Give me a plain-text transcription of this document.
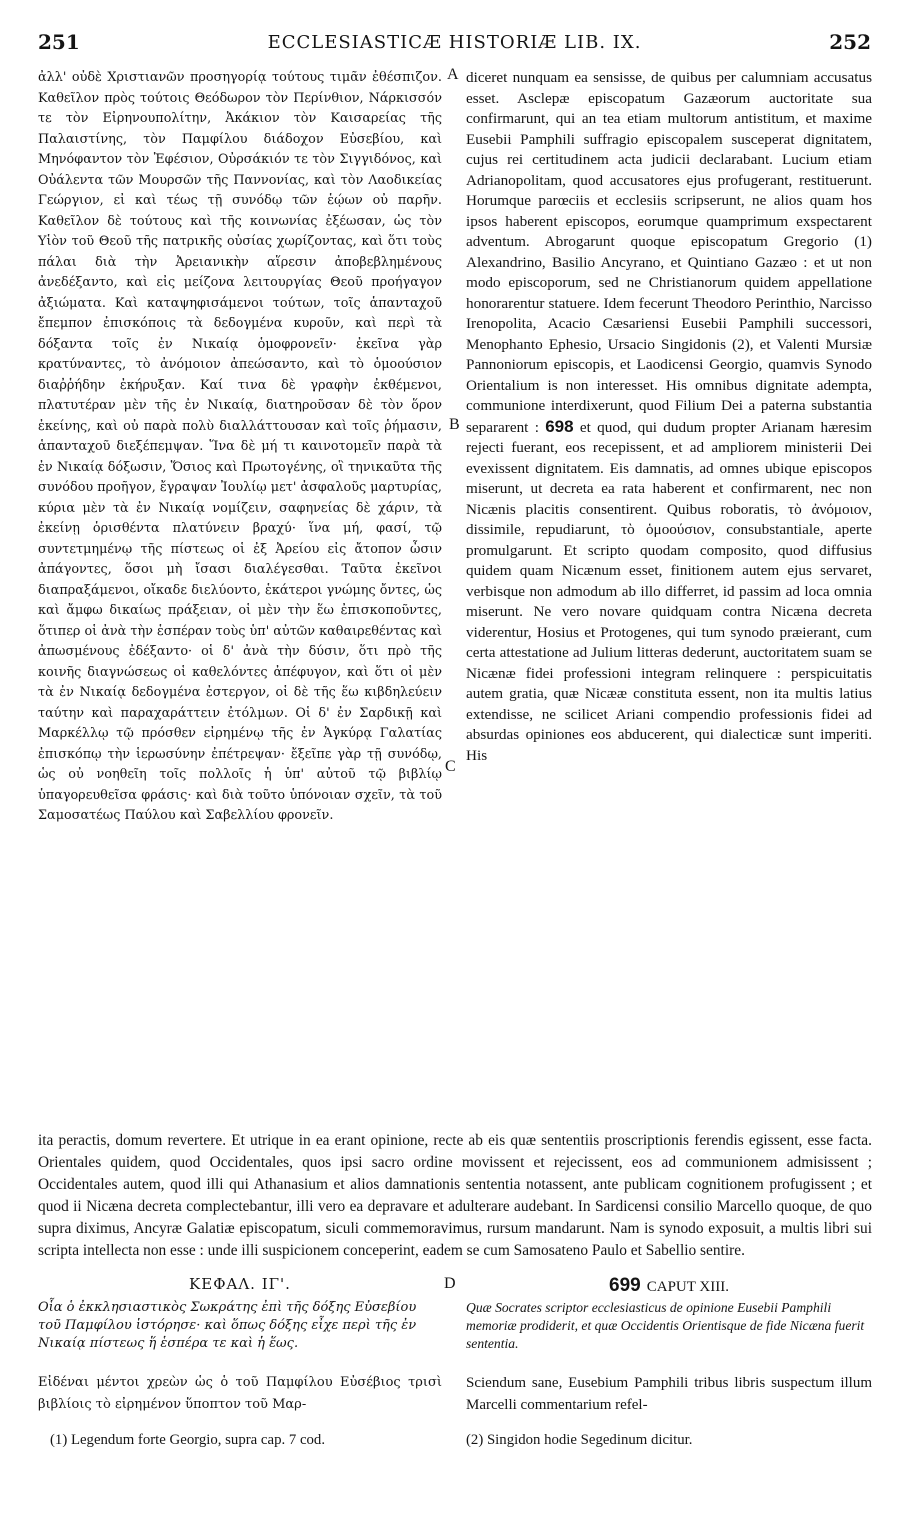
251	ECCLESIASTICÆ HISTORIÆ LIB. IX.	252

ἀλλ' οὐδὲ Χριστιανῶν προσηγορίᾳ τούτους τιμᾶν ἐθέσπιζον. Καθεῖλον πρὸς τούτοις Θεόδωρον τὸν Περίνθιον, Νάρκισσόν τε τὸν Εἰρηνουπολίτην, Ἀκάκιον τὸν Καισαρείας τῆς Παλαιστίνης, τὸν Παμφίλου διάδοχον Εὐσεβίου, καὶ Μηνόφαντον τὸν Ἐφέσιον, Οὐρσάκιόν τε τὸν Σιγγιδόνος, καὶ Οὐάλεντα τῶν Μουρσῶν τῆς Παννονίας, καὶ τὸν Λαοδικείας Γεώργιον, εἰ καὶ τέως τῇ συνόδῳ τῶν ἑῴων οὐ παρῆν. Καθεῖλον δὲ τούτους καὶ τῆς κοινωνίας ἐξέωσαν, ὡς τὸν Υἱὸν τοῦ Θεοῦ τῆς πατρικῆς οὐσίας χωρίζοντας, καὶ ὅτι τοὺς πάλαι διὰ τὴν Ἀρειανικὴν αἵρεσιν ἀποβεβλημένους ἀνεδέξαντο, καὶ εἰς μείζονα λειτουργίας Θεοῦ προήγαγον ἀξιώματα. Καὶ καταψηφισάμενοι τούτων, τοῖς ἁπανταχοῦ ἔπεμπον ἐπισκόποις τὰ δεδογμένα κυροῦν, καὶ περὶ τὰ δόξαντα τοῖς ἐν Νικαίᾳ ὁμοφρονεῖν· ἐκεῖνα γὰρ κρατύναντες, τὸ ἀνόμοιον ἀπεώσαντο, καὶ τὸ ὁμοούσιον διαῤῥήδην ἐκήρυξαν. Καί τινα δὲ γραφὴν ἐκθέμενοι, πλατυτέραν μὲν τῆς ἐν Νικαίᾳ, διατηροῦσαν δὲ τὸν ὅρον ἐκείνης, καὶ οὐ παρὰ πολὺ διαλλάττουσαν καὶ τοῖς ῥήμασιν, ἁπανταχοῦ διεξέπεμψαν. Ἵνα δὲ μή τι καινοτομεῖν παρὰ τὰ ἐν Νικαίᾳ δόξωσιν, Ὅσιος καὶ Πρωτογένης, οἳ τηνικαῦτα τῆς συνόδου προῆγον, ἔγραψαν Ἰουλίῳ μετ' ἀσφαλοῦς μαρτυρίας, κύρια μὲν τὰ ἐν Νικαίᾳ νομίζειν, σαφηνείας δὲ χάριν, τὰ ἐκείνῃ ὁρισθέντα πλατύνειν βραχύ· ἵνα μή, φασί, τῷ συντετμημένῳ τῆς πίστεως οἱ ἐξ Ἀρείου εἰς ἄτοπον ὦσιν ἀπάγοντες, ὅσοι μὴ ἴσασι διαλέγεσθαι. Ταῦτα ἐκεῖνοι διαπραξάμενοι, οἴκαδε διελύοντο, ἑκάτεροι γνώμης ὄντες, ὡς καὶ ἄμφω δικαίως πράξειαν, οἱ μὲν τὴν ἕω ἐπισκοποῦντες, ὅτιπερ οἱ ἀνὰ τὴν ἑσπέραν τοὺς ὑπ' αὐτῶν καθαιρεθέντας καὶ ἀπωσμένους ἐδέξαντο· οἱ δ' ἀνὰ τὴν δύσιν, ὅτι πρὸ τῆς κοινῆς διαγνώσεως οἱ καθελόντες ἀπέφυγον, καὶ ὅτι οἱ μὲν τὰ ἐν Νικαίᾳ δεδογμένα ἐστεργον, οἱ δὲ τῆς ἕω κιβδηλεύειν ταύτην καὶ παραχαράττειν ἐτόλμων. Οἱ δ' ἐν Σαρδικῇ καὶ Μαρκέλλῳ τῷ πρόσθεν εἰρημένῳ τῆς ἐν Ἀγκύρᾳ Γαλατίας ἐπισκόπῳ τὴν ἱερωσύνην ἐπέτρεψαν· ἔξεῖπε γὰρ τῇ συνόδῳ, ὡς οὐ νοηθεῖη τοῖς πολλοῖς ἡ ὑπ' αὐτοῦ τῷ βιβλίῳ ὑπαγορευθεῖσα φράσις· καὶ διὰ τοῦτο ὑπόνοιαν σχεῖν, τὰ τοῦ Σαμοσατέως Παύλου καὶ Σαβελλίου φρονεῖν.

A
B
C

diceret nunquam ea sensisse, de quibus per calumniam accusatus esset. Asclepæ episcopatum Gazæorum auctoritate sua confirmarunt, qui an tea etiam multorum antistitum, et maxime Eusebii Pamphili suffragio episcopalem susceperat dignitatem, cujus rei certitudinem acta judicii declarabant. Lucium etiam Adrianopolitam, quod accusatores ejus profugerant, restituerunt. Horumque parœciis et ecclesiis scripserunt, ne alios quam hos ipsos haberent episcopos, eorumque quamprimum exspectarent adventum. Abrogarunt quoque episcopatum Gregorio (1) Alexandrino, Basilio Ancyrano, et Quintiano Gazæo : et ut non modo episcoporum, sed ne Christianorum quidem appellatione honorarentur statuere. Idem fecerunt Theodoro Perinthio, Narcisso Irenopolita, Acacio Cæsariensi Eusebii Pamphili successori, Menophanto Ephesio, Ursacio Singidonis (2), et Valenti Mursiæ Pannoniorum episcopis, et Laodicensi Georgio, quamvis Synodo Orientalium is non interesset. His omnibus dignitate adempta, communione interdixerunt, quod Filium Dei a paterna substantia separarent : 698 et quod, qui dudum propter Arianam hæresim rejecti fuerant, eos recepissent, et ad ampliorem ministerii Dei evexissent dignitatem. Eis damnatis, ad omnes ubique episcopos miserunt, ut decreta ea rata haberent et confirmarent, nec non Nicænis placitis consentirent. Quibus roboratis, τὸ ἀνόμοιον, dissimile, repudiarunt, τὸ ὁμοούσιον, consubstantiale, aperte promulgarunt. Et scripto quodam composito, quod diffusius quidem quam Nicænum esset, finitionem autem ejus servaret, verbisque non admodum ab illo differret, id passim ad loca omnia miserunt. Ne vero novare quidquam contra Nicæna decreta viderentur, Hosius et Protogenes, qui tum synodo præierant, cum certa attestatione ad Julium litteras dederunt, auctoritatem suam se Nicænæ fidei professioni integram relinquere : perspicuitatis autem gratia, quæ Nicææ constituta essent, non ita multis latius extendisse, ne scilicet Ariani compendio professionis fidei ad absurdas opiniones eos abducerent, qui dialecticæ sunt imperiti. His

ita peractis, domum revertere. Et utrique in ea erant opinione, recte ab eis quæ sententiis proscriptionis ferendis egissent, esse facta. Orientales quidem, quod Occidentales, quos ipsi sacro ordine movissent et rejecissent, eos ad communionem admisissent ; Occidentales autem, quod illi qui Athanasium et alios damnationis sententia notassent, ante publicam cognitionem profugissent ; et quod ii Nicæna decreta complectebantur, illi vero ea depravare et adulterare audebant. In Sardicensi consilio Marcello quoque, de quo supra diximus, Ancyræ Galatiæ episcopatum, siculi commemoravimus, rursum mandarunt. Nam is synodo exposuit, a multis libri sui scripta intellecta non esse : unde illi suspicionem conceperint, eadem se cum Samosateno Paulo et Sabellio sentire.

ΚΕΦΑΛ. ΙΓ'.	D	699 CAPUT XIII.

Οἷα ὁ ἐκκλησιαστικὸς Σωκράτης ἐπὶ τῆς δόξης Εὐσεβίου τοῦ Παμφίλου ἱστόρησε· καὶ ὅπως δόξης εἶχε περὶ τῆς ἐν Νικαίᾳ πίστεως ἥ ἑσπέρα τε καὶ ἡ ἕως.

Quæ Socrates scriptor ecclesiasticus de opinione Eusebii Pamphili memoriæ prodiderit, et quæ Occidentis Orientisque de fide Nicæna fuerit sententia.

Εἰδέναι μέντοι χρεὼν ὡς ὁ τοῦ Παμφίλου Εὐσέβιος τρισὶ βιβλίοις τὸ εἰρημένον ὕποπτον τοῦ Μαρ-

Sciendum sane, Eusebium Pamphili tribus libris suspectum illum Marcelli commentarium refel-

(1) Legendum forte Georgio, supra cap. 7 cod.	(2) Singidon hodie Segedinum dicitur.
